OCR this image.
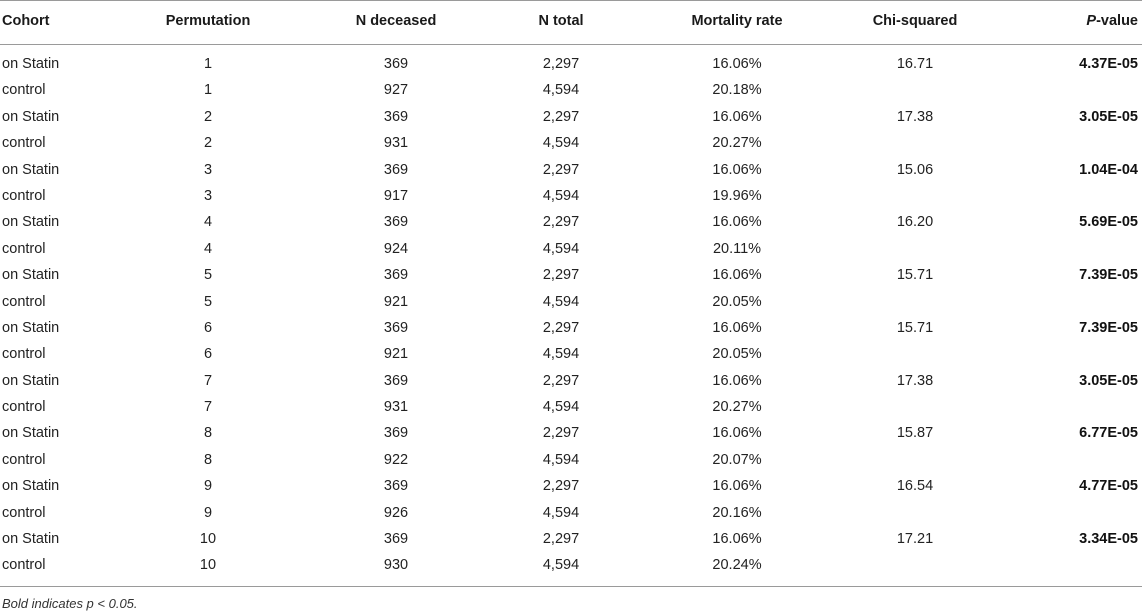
Cohort	Permutation	N deceased	N total	Mortality rate	Chi-squared	P-value
on Statin	1	369	2,297	16.06%	16.71	4.37E-05
control	1	927	4,594	20.18%
on Statin	2	369	2,297	16.06%	17.38	3.05E-05
control	2	931	4,594	20.27%
on Statin	3	369	2,297	16.06%	15.06	1.04E-04
control	3	917	4,594	19.96%
on Statin	4	369	2,297	16.06%	16.20	5.69E-05
control	4	924	4,594	20.11%
on Statin	5	369	2,297	16.06%	15.71	7.39E-05
control	5	921	4,594	20.05%
on Statin	6	369	2,297	16.06%	15.71	7.39E-05
control	6	921	4,594	20.05%
on Statin	7	369	2,297	16.06%	17.38	3.05E-05
control	7	931	4,594	20.27%
on Statin	8	369	2,297	16.06%	15.87	6.77E-05
control	8	922	4,594	20.07%
on Statin	9	369	2,297	16.06%	16.54	4.77E-05
control	9	926	4,594	20.16%
on Statin	10	369	2,297	16.06%	17.21	3.34E-05
control	10	930	4,594	20.24%
Bold indicates p < 0.05.
